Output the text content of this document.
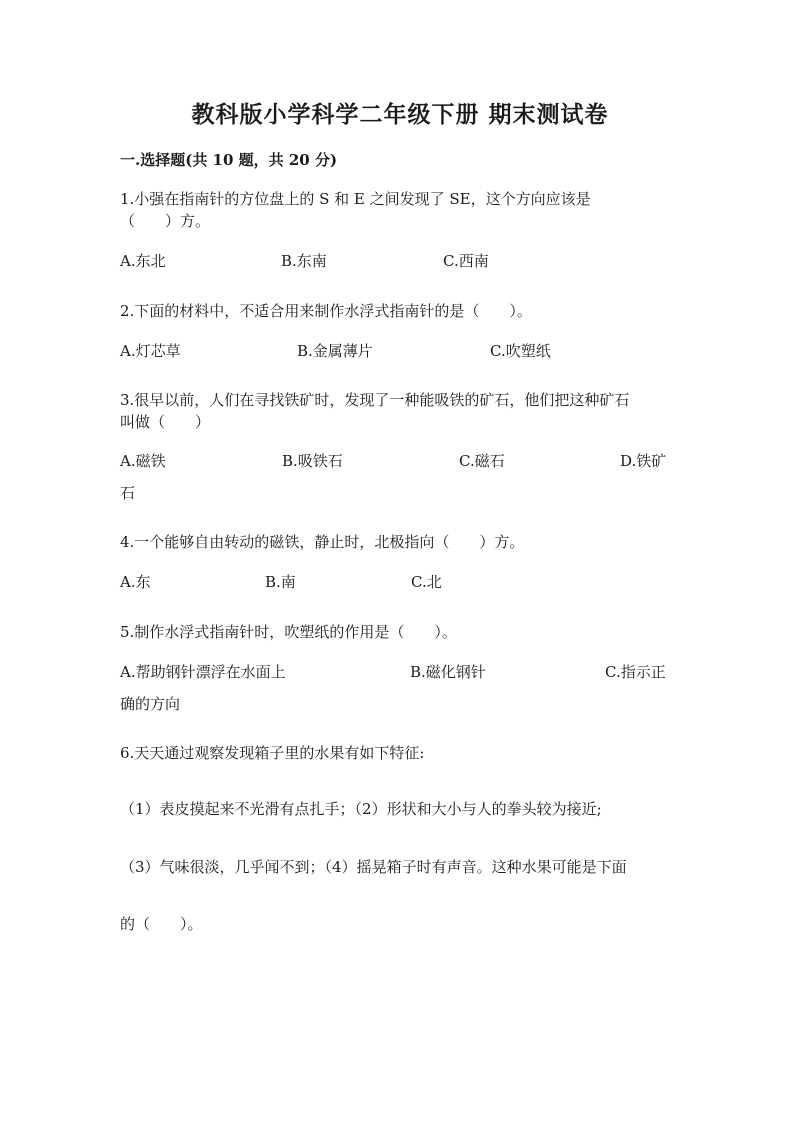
教科版小学科学二年级下册 期末测试卷
一.选择题(共 10 题，共 20 分)
1.小强在指南针的方位盘上的 S 和 E 之间发现了 SE，这个方向应该是
（　　）方。
A.东北	B.东南	C.西南
2.下面的材料中，不适合用来制作水浮式指南针的是（　　）。
A.灯芯草	B.金属薄片	C.吹塑纸
3.很早以前，人们在寻找铁矿时，发现了一种能吸铁的矿石，他们把这种矿石
叫做（　　）
A.磁铁	B.吸铁石	C.磁石	D.铁矿
石
4.一个能够自由转动的磁铁，静止时，北极指向（　　）方。
A.东	B.南	C.北
5.制作水浮式指南针时，吹塑纸的作用是（　　）。
A.帮助钢针漂浮在水面上	B.磁化钢针	C.指示正
确的方向
6.天天通过观察发现箱子里的水果有如下特征:
（1）表皮摸起来不光滑有点扎手；（2）形状和大小与人的拳头较为接近;
（3）气味很淡，几乎闻不到；（4）摇晃箱子时有声音。这种水果可能是下面
的（　　）。
